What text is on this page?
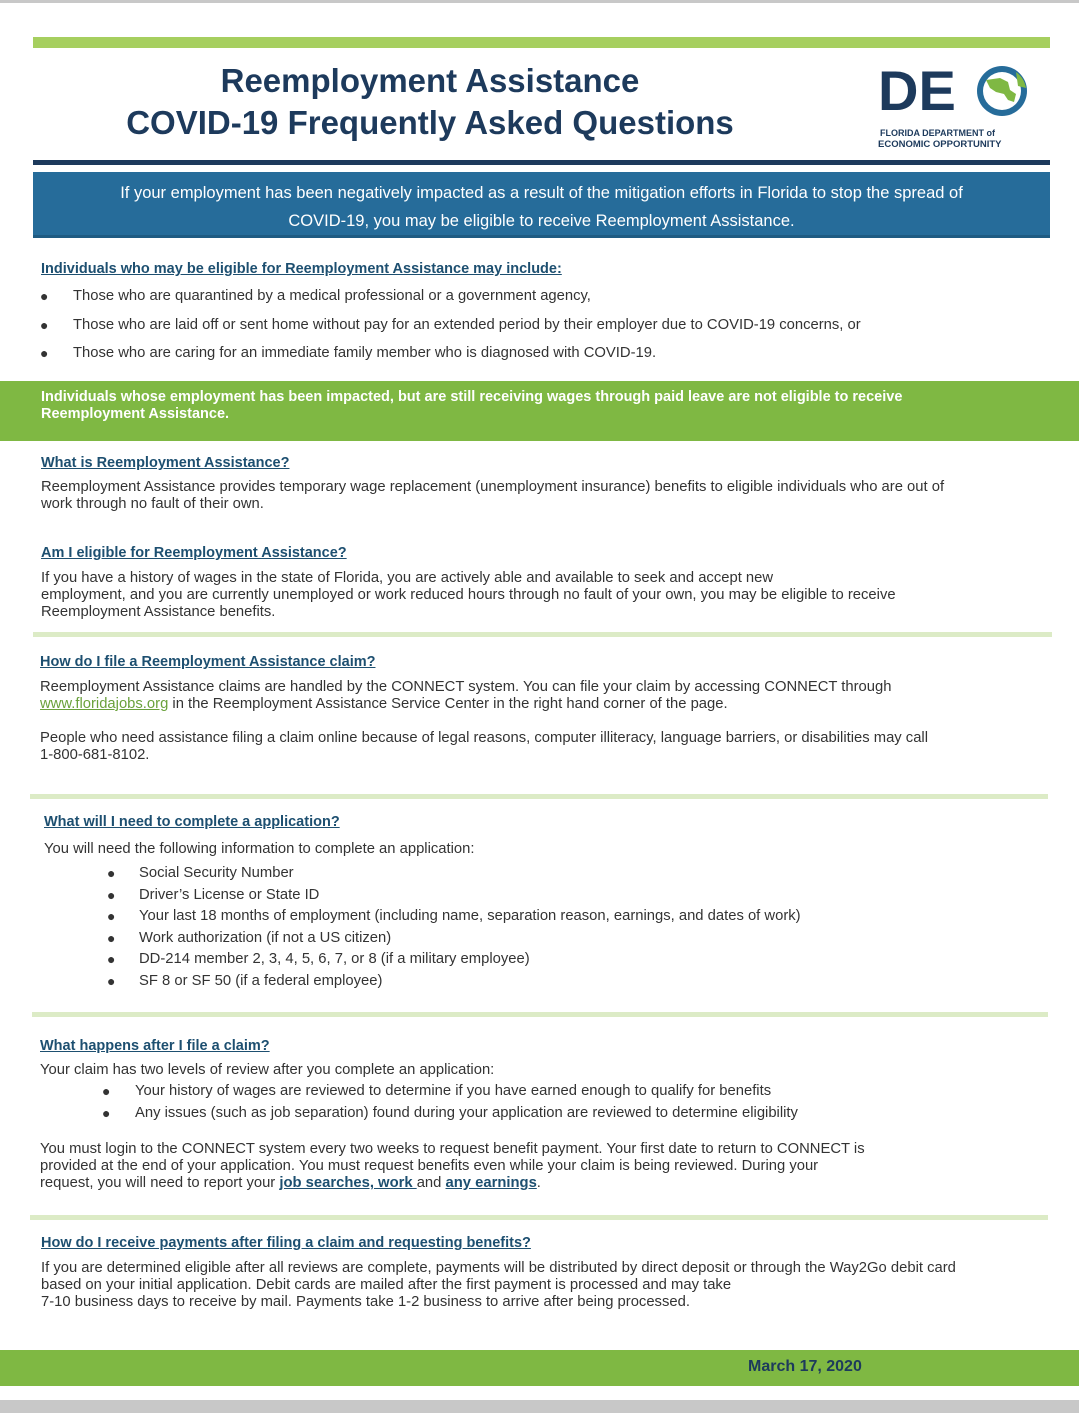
Reemployment Assistance
COVID-19 Frequently Asked Questions
DE
FLORIDA DEPARTMENT of
ECONOMIC OPPORTUNITY
If your employment has been negatively impacted as a result of the mitigation efforts in Florida to stop the spread of
COVID-19, you may be eligible to receive Reemployment Assistance.
Individuals who may be eligible for Reemployment Assistance may include:
● Those who are quarantined by a medical professional or a government agency,
● Those who are laid off or sent home without pay for an extended period by their employer due to COVID-19 concerns, or
● Those who are caring for an immediate family member who is diagnosed with COVID-19.
Individuals whose employment has been impacted, but are still receiving wages through paid leave are not eligible to receive
Reemployment Assistance.
What is Reemployment Assistance?
Reemployment Assistance provides temporary wage replacement (unemployment insurance) benefits to eligible individuals who are out of
work through no fault of their own.
Am I eligible for Reemployment Assistance?
If you have a history of wages in the state of Florida, you are actively able and available to seek and accept new
employment, and you are currently unemployed or work reduced hours through no fault of your own, you may be eligible to receive
Reemployment Assistance benefits.
How do I file a Reemployment Assistance claim?
Reemployment Assistance claims are handled by the CONNECT system. You can file your claim by accessing CONNECT through
www.floridajobs.org in the Reemployment Assistance Service Center in the right hand corner of the page.
People who need assistance filing a claim online because of legal reasons, computer illiteracy, language barriers, or disabilities may call
1-800-681-8102.
What will I need to complete a application?
You will need the following information to complete an application:
● Social Security Number
● Driver’s License or State ID
● Your last 18 months of employment (including name, separation reason, earnings, and dates of work)
● Work authorization (if not a US citizen)
● DD-214 member 2, 3, 4, 5, 6, 7, or 8 (if a military employee)
● SF 8 or SF 50 (if a federal employee)
What happens after I file a claim?
Your claim has two levels of review after you complete an application:
● Your history of wages are reviewed to determine if you have earned enough to qualify for benefits
● Any issues (such as job separation) found during your application are reviewed to determine eligibility
You must login to the CONNECT system every two weeks to request benefit payment. Your first date to return to CONNECT is
provided at the end of your application. You must request benefits even while your claim is being reviewed. During your
request, you will need to report your job searches, work and any earnings.
How do I receive payments after filing a claim and requesting benefits?
If you are determined eligible after all reviews are complete, payments will be distributed by direct deposit or through the Way2Go debit card
based on your initial application. Debit cards are mailed after the first payment is processed and may take
7-10 business days to receive by mail. Payments take 1-2 business to arrive after being processed.
March 17, 2020
